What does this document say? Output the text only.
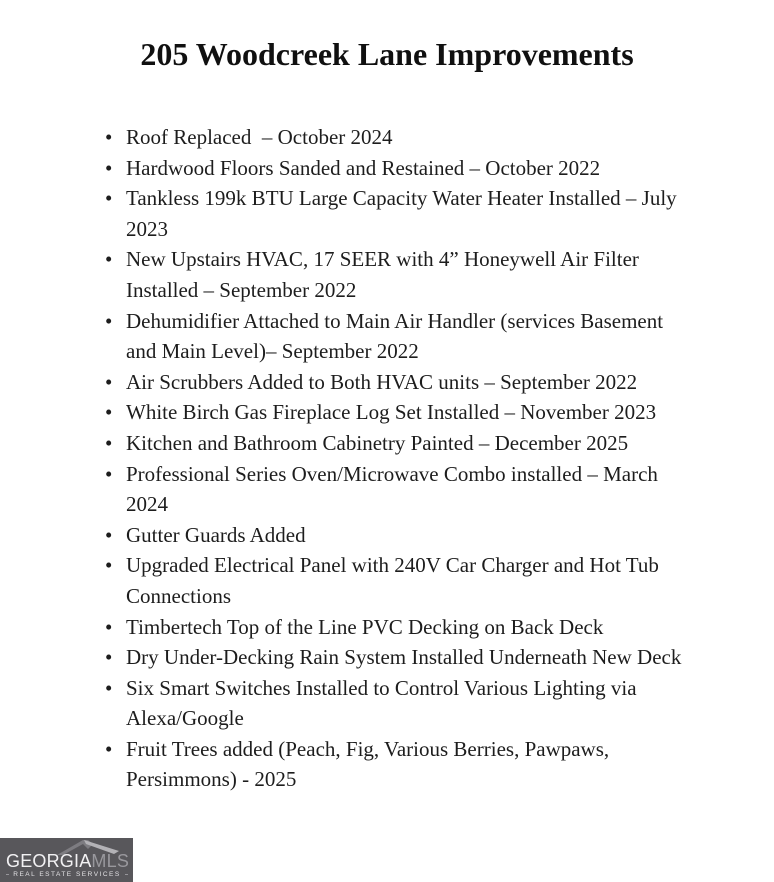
205 Woodcreek Lane Improvements
• Roof Replaced  – October 2024
• Hardwood Floors Sanded and Restained – October 2022
• Tankless 199k BTU Large Capacity Water Heater Installed – July 2023
• New Upstairs HVAC, 17 SEER with 4” Honeywell Air Filter Installed – September 2022
• Dehumidifier Attached to Main Air Handler (services Basement and Main Level)– September 2022
• Air Scrubbers Added to Both HVAC units – September 2022
• White Birch Gas Fireplace Log Set Installed – November 2023
• Kitchen and Bathroom Cabinetry Painted – December 2025
• Professional Series Oven/Microwave Combo installed – March 2024
• Gutter Guards Added
• Upgraded Electrical Panel with 240V Car Charger and Hot Tub Connections
• Timbertech Top of the Line PVC Decking on Back Deck
• Dry Under-Decking Rain System Installed Underneath New Deck
• Six Smart Switches Installed to Control Various Lighting via Alexa/Google
• Fruit Trees added (Peach, Fig, Various Berries, Pawpaws, Persimmons) - 2025
GEORGIAMLS
REAL ESTATE SERVICES
